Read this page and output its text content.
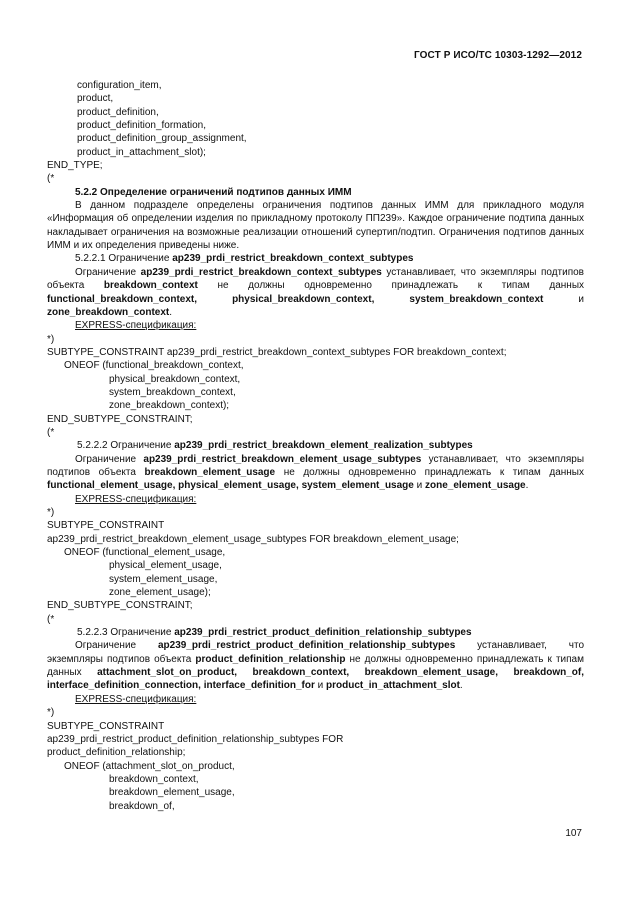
ГОСТ Р ИСО/ТС 10303-1292—2012
configuration_item,
product,
product_definition,
product_definition_formation,
product_definition_group_assignment,
product_in_attachment_slot);
END_TYPE;
(*
5.2.2 Определение ограничений подтипов данных ИММ

В данном подразделе определены ограничения подтипов данных ИММ для прикладного модуля «Информация об определении изделия по прикладному протоколу ПП239». Каждое ограничение подтипа данных накладывает ограничения на возможные реализации отношений супертип/подтип. Ограничения подтипов данных ИММ и их определения приведены ниже.

5.2.2.1 Ограничение ap239_prdi_restrict_breakdown_context_subtypes

Ограничение ap239_prdi_restrict_breakdown_context_subtypes устанавливает, что экземпляры подтипов объекта breakdown_context не должны одновременно принадлежать к типам данных functional_breakdown_context,	physical_breakdown_context,	system_breakdown_context	и zone_breakdown_context.

EXPRESS-спецификация:
*)
SUBTYPE_CONSTRAINT ap239_prdi_restrict_breakdown_context_subtypes FOR breakdown_context;
ONEOF (functional_breakdown_context,
physical_breakdown_context,
system_breakdown_context,
zone_breakdown_context);
END_SUBTYPE_CONSTRAINT;
(*
5.2.2.2 Ограничение ap239_prdi_restrict_breakdown_element_realization_subtypes

Ограничение ap239_prdi_restrict_breakdown_element_usage_subtypes устанавливает, что экземпляры подтипов объекта breakdown_element_usage не должны одновременно принадлежать к типам данных functional_element_usage, physical_element_usage, system_element_usage и zone_element_usage.

EXPRESS-спецификация:
*)
SUBTYPE_CONSTRAINT
ap239_prdi_restrict_breakdown_element_usage_subtypes FOR breakdown_element_usage;
ONEOF (functional_element_usage,
physical_element_usage,
system_element_usage,
zone_element_usage);
END_SUBTYPE_CONSTRAINT;
(*
5.2.2.3 Ограничение ap239_prdi_restrict_product_definition_relationship_subtypes

Ограничение ap239_prdi_restrict_product_definition_relationship_subtypes устанавливает, что экземпляры подтипов объекта product_definition_relationship не должны одновременно принадлежать к типам данных attachment_slot_on_product, breakdown_context, breakdown_element_usage, breakdown_of, interface_definition_connection, interface_definition_for и product_in_attachment_slot.

EXPRESS-спецификация:
*)
SUBTYPE_CONSTRAINT
ap239_prdi_restrict_product_definition_relationship_subtypes FOR
product_definition_relationship;
ONEOF (attachment_slot_on_product,
breakdown_context,
breakdown_element_usage,
breakdown_of,
107
